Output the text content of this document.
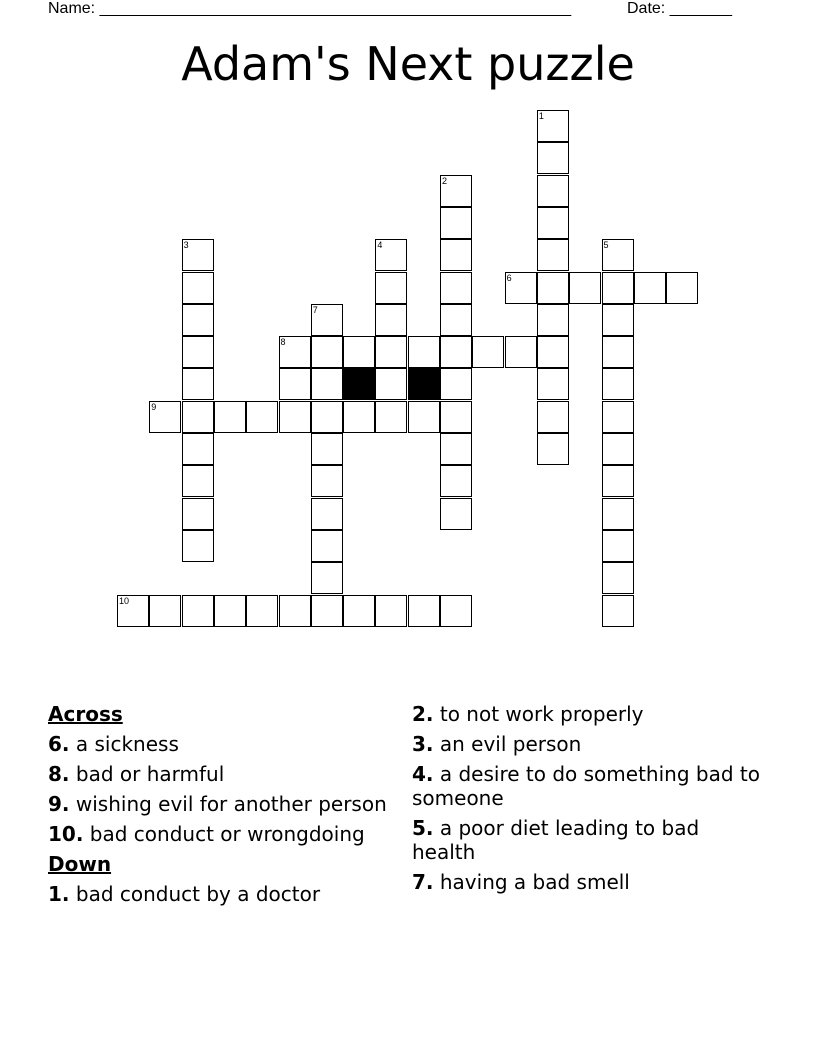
Name: _____________________________________________________	Date: _______
Adam's Next puzzle
1
2
3	4	5
6
7
8
9
10
Across
6. a sickness
8. bad or harmful
9. wishing evil for another person
10. bad conduct or wrongdoing
Down
1. bad conduct by a doctor
2. to not work properly
3. an evil person
4. a desire to do something bad to someone
5. a poor diet leading to bad health
7. having a bad smell
